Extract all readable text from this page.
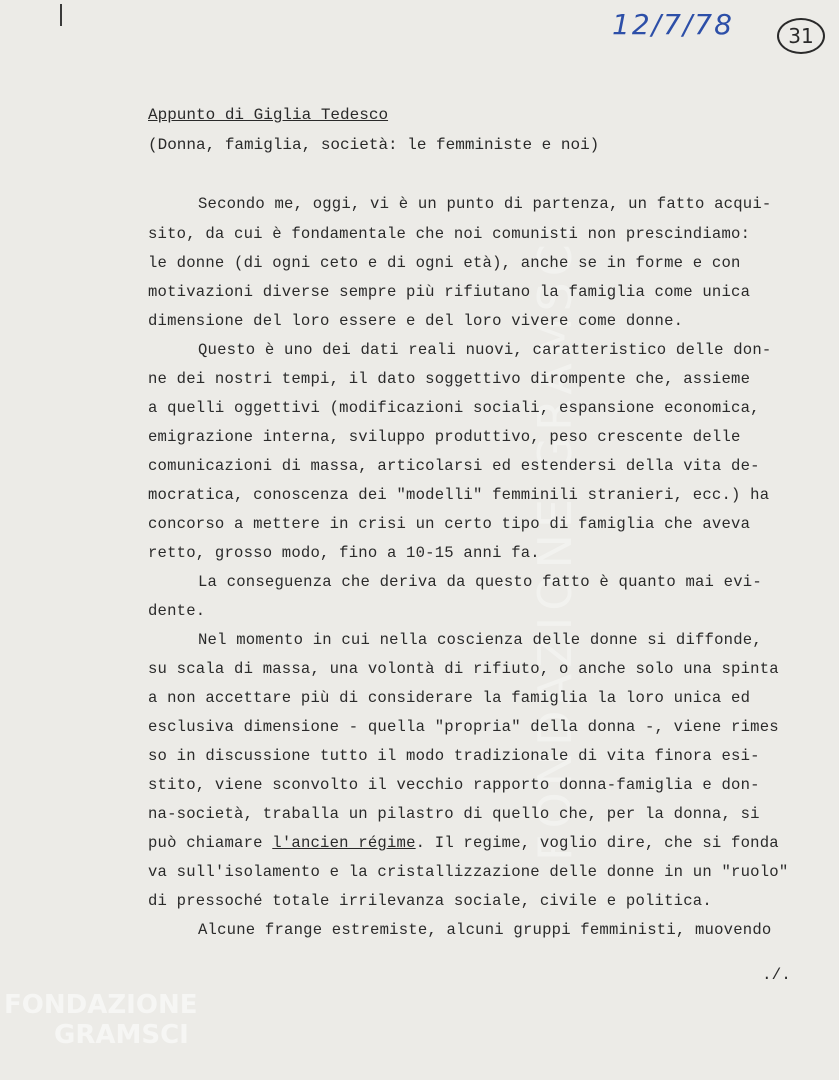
FONDAZIONE GRAMSCI
12/7/78	31
Appunto di Giglia Tedesco
(Donna, famiglia, società: le femministe e noi)
Secondo me, oggi, vi è un punto di partenza, un fatto acqui-
sito, da cui è fondamentale che noi comunisti non prescindiamo:
le donne (di ogni ceto e di ogni età), anche se in forme e con
motivazioni diverse sempre più rifiutano la famiglia come unica
dimensione del loro essere e del loro vivere come donne.
Questo è uno dei dati reali nuovi, caratteristico delle don-
ne dei nostri tempi, il dato soggettivo dirompente che, assieme
a quelli oggettivi (modificazioni sociali, espansione economica,
emigrazione interna, sviluppo produttivo, peso crescente delle
comunicazioni di massa, articolarsi ed estendersi della vita de-
mocratica, conoscenza dei "modelli" femminili stranieri, ecc.) ha
concorso a mettere in crisi un certo tipo di famiglia che aveva
retto, grosso modo, fino a 10-15 anni fa.
La conseguenza che deriva da questo fatto è quanto mai evi-
dente.
Nel momento in cui nella coscienza delle donne si diffonde,
su scala di massa, una volontà di rifiuto, o anche solo una spinta
a non accettare più di considerare la famiglia la loro unica ed
esclusiva dimensione - quella "propria" della donna -, viene rimes
so in discussione tutto il modo tradizionale di vita finora esi-
stito, viene sconvolto il vecchio rapporto donna-famiglia e don-
na-società, traballa un pilastro di quello che, per la donna, si
può chiamare l'ancien régime. Il regime, voglio dire, che si fonda
va sull'isolamento e la cristallizzazione delle donne in un "ruolo"
di pressoché totale irrilevanza sociale, civile e politica.
Alcune frange estremiste, alcuni gruppi femministi, muovendo
./.
FONDAZIONE
GRAMSCI
